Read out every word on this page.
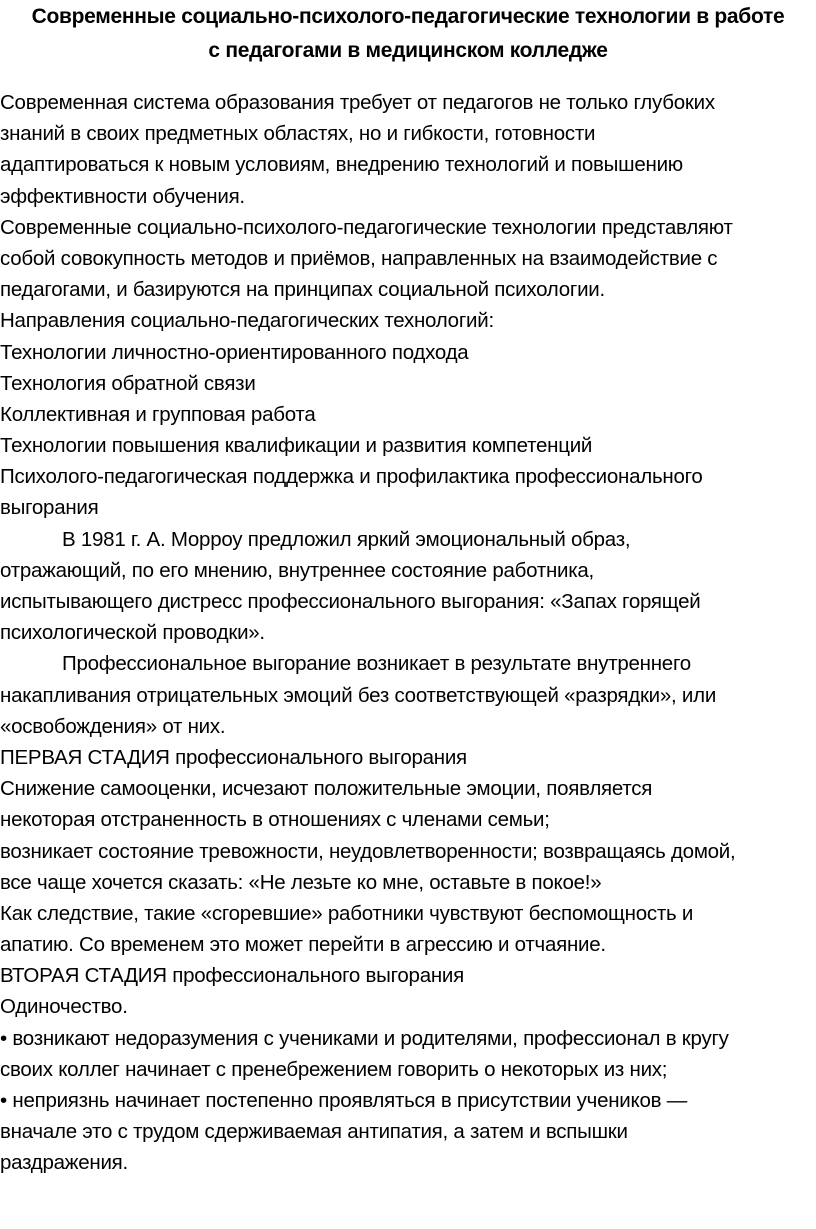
Современные социально-психолого-педагогические технологии в работе
с педагогами в медицинском колледже
Современная система образования требует от педагогов не только глубоких
знаний в своих предметных областях, но и гибкости, готовности
адаптироваться к новым условиям, внедрению технологий и повышению
эффективности обучения.
Современные социально-психолого-педагогические технологии представляют
собой совокупность методов и приёмов, направленных на взаимодействие с
педагогами, и базируются на принципах социальной психологии.
Направления социально-педагогических технологий:
Технологии личностно-ориентированного подхода
Технология обратной связи
Коллективная и групповая работа
Технологии повышения квалификации и развития компетенций
Психолого-педагогическая поддержка и профилактика профессионального
выгорания
В 1981 г. А. Морроу предложил яркий эмоциональный образ,
отражающий, по его мнению, внутреннее состояние работника,
испытывающего дистресс профессионального выгорания: «Запах горящей
психологической проводки».
Профессиональное выгорание возникает в результате внутреннего
накапливания отрицательных эмоций без соответствующей «разрядки», или
«освобождения» от них.
ПЕРВАЯ СТАДИЯ профессионального выгорания
Снижение самооценки, исчезают положительные эмоции, появляется
некоторая отстраненность в отношениях с членами семьи;
возникает состояние тревожности, неудовлетворенности; возвращаясь домой,
все чаще хочется сказать: «Не лезьте ко мне, оставьте в покое!»
Как следствие, такие «сгоревшие» работники чувствуют беспомощность и
апатию. Со временем это может перейти в агрессию и отчаяние.
ВТОРАЯ СТАДИЯ профессионального выгорания
Одиночество.
• возникают недоразумения с учениками и родителями, профессионал в кругу
своих коллег начинает с пренебрежением говорить о некоторых из них;
• неприязнь начинает постепенно проявляться в присутствии учеников —
вначале это с трудом сдерживаемая антипатия, а затем и вспышки
раздражения.
